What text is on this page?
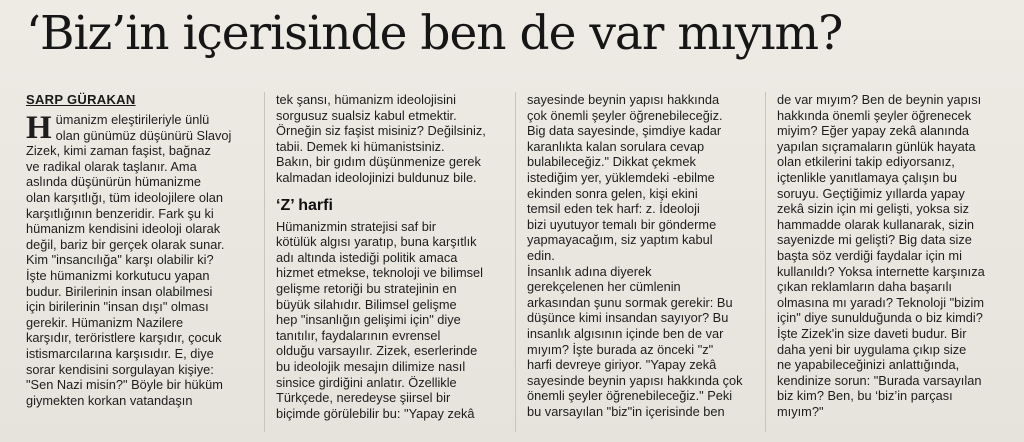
‘Biz’in içerisinde ben de var mıyım?
SARP GÜRAKAN

Hümanizm eleştirileriyle ünlü

olan günümüz düşünürü Slavoj

Zizek, kimi zaman faşist, bağnaz

ve radikal olarak taşlanır. Ama

aslında düşünürün hümanizme

olan karşıtlığı, tüm ideolojilere olan

karşıtlığının benzeridir. Fark şu ki

hümanizm kendisini ideoloji olarak

değil, bariz bir gerçek olarak sunar.

Kim "insancılığa" karşı olabilir ki?

İşte hümanizmi korkutucu yapan

budur. Birilerinin insan olabilmesi

için birilerinin "insan dışı" olması

gerekir. Hümanizm Nazilere

karşıdır, teröristlere karşıdır, çocuk

istismarcılarına karşısıdır. E, diye

sorar kendisini sorgulayan kişiye:

"Sen Nazi misin?" Böyle bir hüküm

giymekten korkan vatandaşın

tek şansı, hümanizm ideolojisini

sorgusuz sualsiz kabul etmektir.

Örneğin siz faşist misiniz? Değilsiniz,

tabii. Demek ki hümanistsiniz.

Bakın, bir gıdım düşünmenize gerek

kalmadan ideolojinizi buldunuz bile.

‘Z’ harfi

Hümanizmin stratejisi saf bir

kötülük algısı yaratıp, buna karşıtlık

adı altında istediği politik amaca

hizmet etmekse, teknoloji ve bilimsel

gelişme retoriği bu stratejinin en

büyük silahıdır. Bilimsel gelişme

hep "insanlığın gelişimi için" diye

tanıtılır, faydalarının evrensel

olduğu varsayılır. Zizek, eserlerinde

bu ideolojik mesajın dilimize nasıl

sinsice girdiğini anlatır. Özellikle

Türkçede, neredeyse şiirsel bir

biçimde görülebilir bu: "Yapay zekâ

sayesinde beynin yapısı hakkında

çok önemli şeyler öğrenebileceğiz.

Big data sayesinde, şimdiye kadar

karanlıkta kalan sorulara cevap

bulabileceğiz." Dikkat çekmek

istediğim yer, yüklemdeki -ebilme

ekinden sonra gelen, kişi ekini

temsil eden tek harf: z. İdeoloji

bizi uyutuyor temalı bir gönderme

yapmayacağım, siz yaptım kabul

edin.

İnsanlık adına diyerek

gerekçelenen her cümlenin

arkasından şunu sormak gerekir: Bu

düşünce kimi insandan sayıyor? Bu

insanlık algısının içinde ben de var

mıyım? İşte burada az önceki "z"

harfi devreye giriyor. "Yapay zekâ

sayesinde beynin yapısı hakkında çok

önemli şeyler öğrenebileceğiz." Peki

bu varsayılan "biz"in içerisinde ben

de var mıyım? Ben de beynin yapısı

hakkında önemli şeyler öğrenecek

miyim? Eğer yapay zekâ alanında

yapılan sıçramaların günlük hayata

olan etkilerini takip ediyorsanız,

içtenlikle yanıtlamaya çalışın bu

soruyu. Geçtiğimiz yıllarda yapay

zekâ sizin için mi gelişti, yoksa siz

hammadde olarak kullanarak, sizin

sayenizde mi gelişti? Big data size

başta söz verdiği faydalar için mi

kullanıldı? Yoksa internette karşınıza

çıkan reklamların daha başarılı

olmasına mı yaradı? Teknoloji "bizim

için" diye sunulduğunda o biz kimdi?

İşte Zizek'in size daveti budur. Bir

daha yeni bir uygulama çıkıp size

ne yapabileceğinizi anlattığında,

kendinize sorun: "Burada varsayılan

biz kim? Ben, bu ‘biz’in parçası

mıyım?"
